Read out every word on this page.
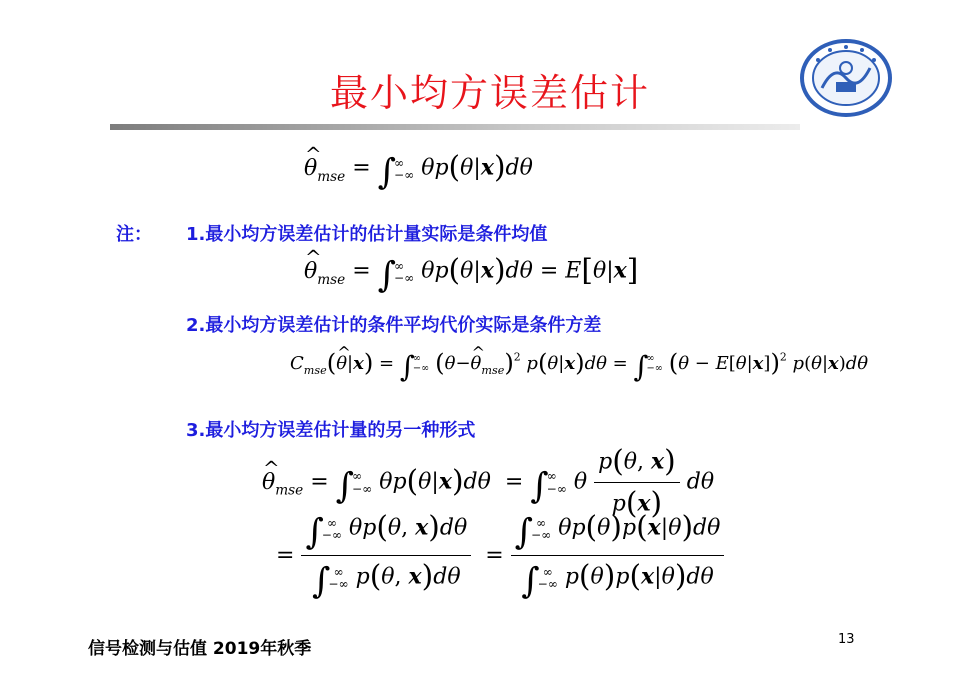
最小均方误差估计
^ $\theta_{mse}$ = ∫∞
−∞ θp(θ|x)dθ
注： 1.最小均方误差估计的估计量实际是条件均值
^ $\theta_{mse}$ = ∫∞
−∞ θp(θ|x)dθ = E[θ|x]
2.最小均方误差估计的条件平均代价实际是条件方差
$C_{mse}(\^{}$ θ|x) = ∫∞
−∞ (θ−^ $\theta_{mse})^2$ p(θ|x)dθ = ∫∞
−∞ $(\theta - E[\theta|x])^2$ p(θ|x)dθ
3.最小均方误差估计量的另一种形式
^ $\theta_{mse}$ = ∫∞
−∞ θp(θ|x)dθ  = ∫∞
−∞ θ $\frac{p(\theta, x)}{p(x)}$ dθ
=
∫ ∞
−∞ θp(θ, x)dθ
∫ ∞
−∞ p(θ, x)dθ
=
∫ ∞
−∞ θp(θ)p(x|θ)dθ
∫ ∞
−∞ p(θ)p(x|θ)dθ
信号检测与估值 2019年秋季	13
